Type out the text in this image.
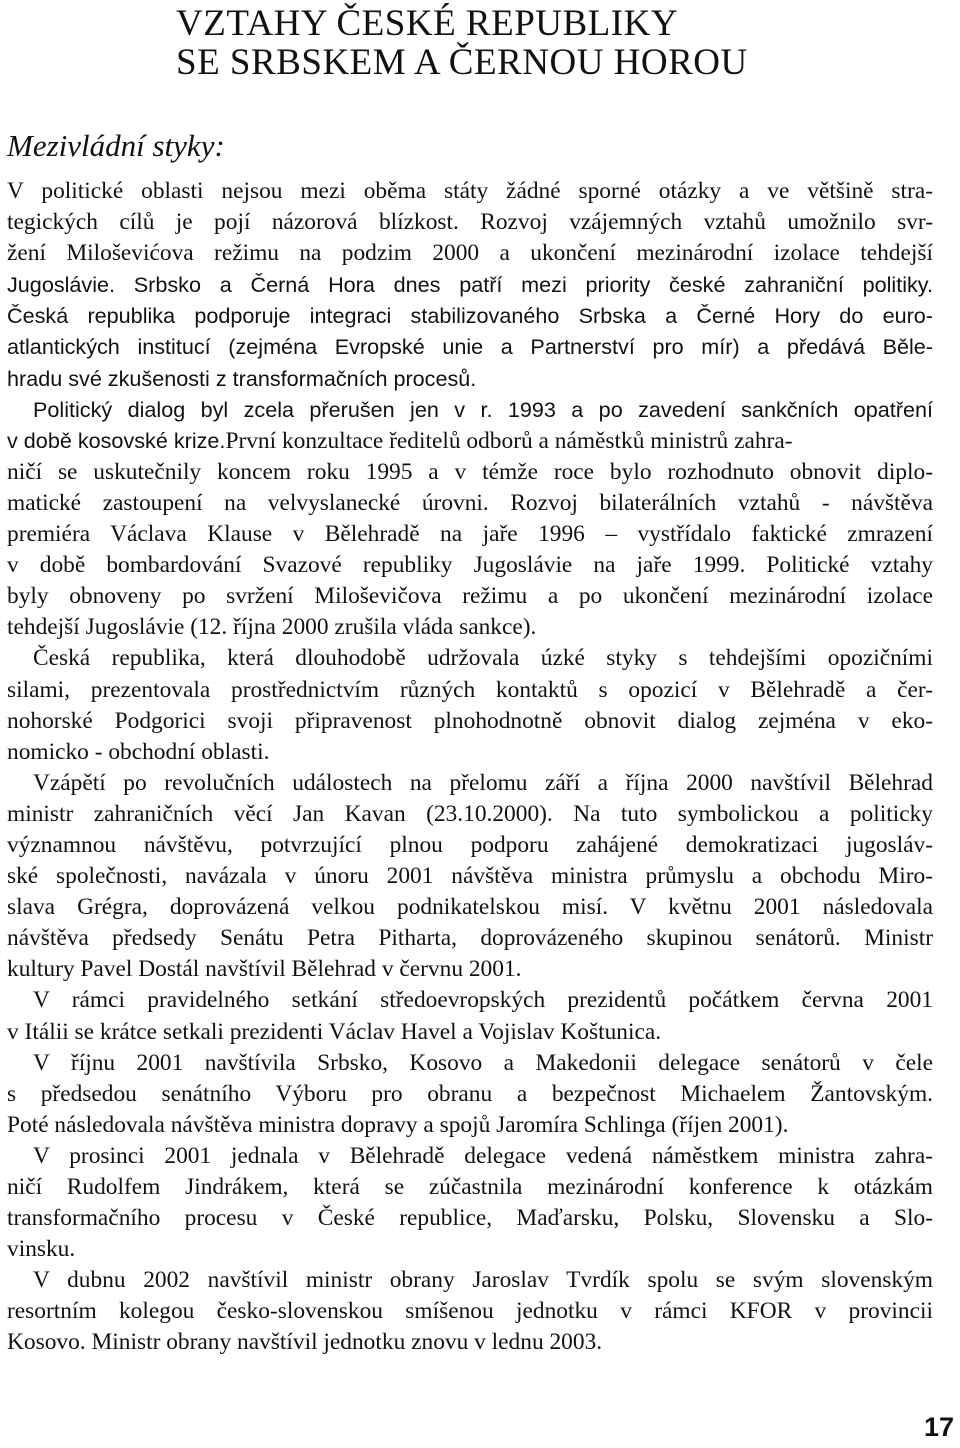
VZTAHY ČESKÉ REPUBLIKY
SE SRBSKEM A ČERNOU HOROU
Mezivládní styky:
V politické oblasti nejsou mezi oběma státy žádné sporné otázky a ve většině stra-
tegických cílů je pojí názorová blízkost. Rozvoj vzájemných vztahů umožnilo svr-
žení Miloševićova režimu na podzim 2000 a ukončení mezinárodní izolace tehdejší
Jugoslávie. Srbsko a Černá Hora dnes patří mezi priority české zahraniční politiky.
Česká republika podporuje integraci stabilizovaného Srbska a Černé Hory do euro-
atlantických institucí (zejména Evropské unie a Partnerství pro mír) a předává Běle-
hradu své zkušenosti z transformačních procesů.
Politický dialog byl zcela přerušen jen v r. 1993 a po zavedení sankčních opatření
v době kosovské krize.První konzultace ředitelů odborů a náměstků ministrů zahra-
ničí se uskutečnily koncem roku 1995 a v témže roce bylo rozhodnuto obnovit diplo-
matické zastoupení na velvyslanecké úrovni. Rozvoj bilaterálních vztahů - návštěva
premiéra Václava Klause v Bělehradě na jaře 1996 – vystřídalo faktické zmrazení
v době bombardování Svazové republiky Jugoslávie na jaře 1999. Politické vztahy
byly obnoveny po svržení Miloševičova režimu a po ukončení mezinárodní izolace
tehdejší Jugoslávie (12. října 2000 zrušila vláda sankce).
Česká republika, která dlouhodobě udržovala úzké styky s tehdejšími opozičními
silami, prezentovala prostřednictvím různých kontaktů s opozicí v Bělehradě a čer-
nohorské Podgorici svoji připravenost plnohodnotně obnovit dialog zejména v eko-
nomicko - obchodní oblasti.
Vzápětí po revolučních událostech na přelomu září a října 2000 navštívil Bělehrad
ministr zahraničních věcí Jan Kavan (23.10.2000). Na tuto symbolickou a politicky
významnou návštěvu, potvrzující plnou podporu zahájené demokratizaci jugosláv-
ské společnosti, navázala v únoru 2001 návštěva ministra průmyslu a obchodu Miro-
slava Grégra, doprovázená velkou podnikatelskou misí. V květnu 2001 následovala
návštěva předsedy Senátu Petra Pitharta, doprovázeného skupinou senátorů. Ministr
kultury Pavel Dostál navštívil Bělehrad v červnu 2001.
V rámci pravidelného setkání středoevropských prezidentů počátkem června 2001
v Itálii se krátce setkali prezidenti Václav Havel a Vojislav Koštunica.
V říjnu 2001 navštívila Srbsko, Kosovo a Makedonii delegace senátorů v čele
s předsedou senátního Výboru pro obranu a bezpečnost Michaelem Žantovským.
Poté následovala návštěva ministra dopravy a spojů Jaromíra Schlinga (říjen 2001).
V prosinci 2001 jednala v Bělehradě delegace vedená náměstkem ministra zahra-
ničí Rudolfem Jindrákem, která se zúčastnila mezinárodní konference k otázkám
transformačního procesu v České republice, Maďarsku, Polsku, Slovensku a Slo-
vinsku.
V dubnu 2002 navštívil ministr obrany Jaroslav Tvrdík spolu se svým slovenským
resortním kolegou česko-slovenskou smíšenou jednotku v rámci KFOR v provincii
Kosovo. Ministr obrany navštívil jednotku znovu v lednu 2003.
17
